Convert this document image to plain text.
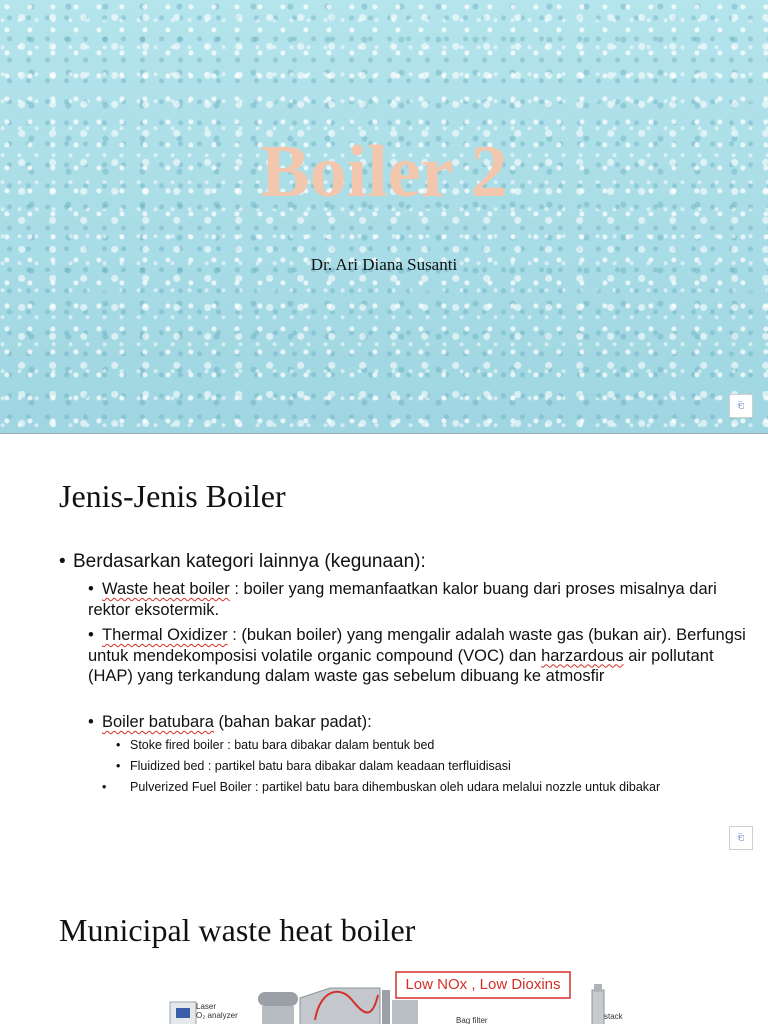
Boiler 2
Dr. Ari Diana Susanti
⎗
Jenis-Jenis Boiler
• Berdasarkan kategori lainnya (kegunaan):
• Waste heat boiler : boiler yang memanfaatkan kalor buang dari proses misalnya dari rektor eksotermik.
• Thermal Oxidizer : (bukan boiler) yang mengalir adalah waste gas (bukan air). Berfungsi untuk mendekomposisi volatile organic compound (VOC) dan harzardous air pollutant (HAP) yang terkandung dalam waste gas sebelum dibuang ke atmosfir
• Boiler batubara (bahan bakar padat):
• Stoke fired boiler : batu bara dibakar dalam bentuk bed
• Fluidized bed : partikel batu bara dibakar dalam keadaan terfluidisasi
• Pulverized Fuel Boiler : partikel batu bara dihembuskan oleh udara melalui nozzle untuk dibakar
⎗
Municipal waste heat boiler
Low NOx , Low Dioxins
Laser
O₂ analyzer
Bag filter	stack
